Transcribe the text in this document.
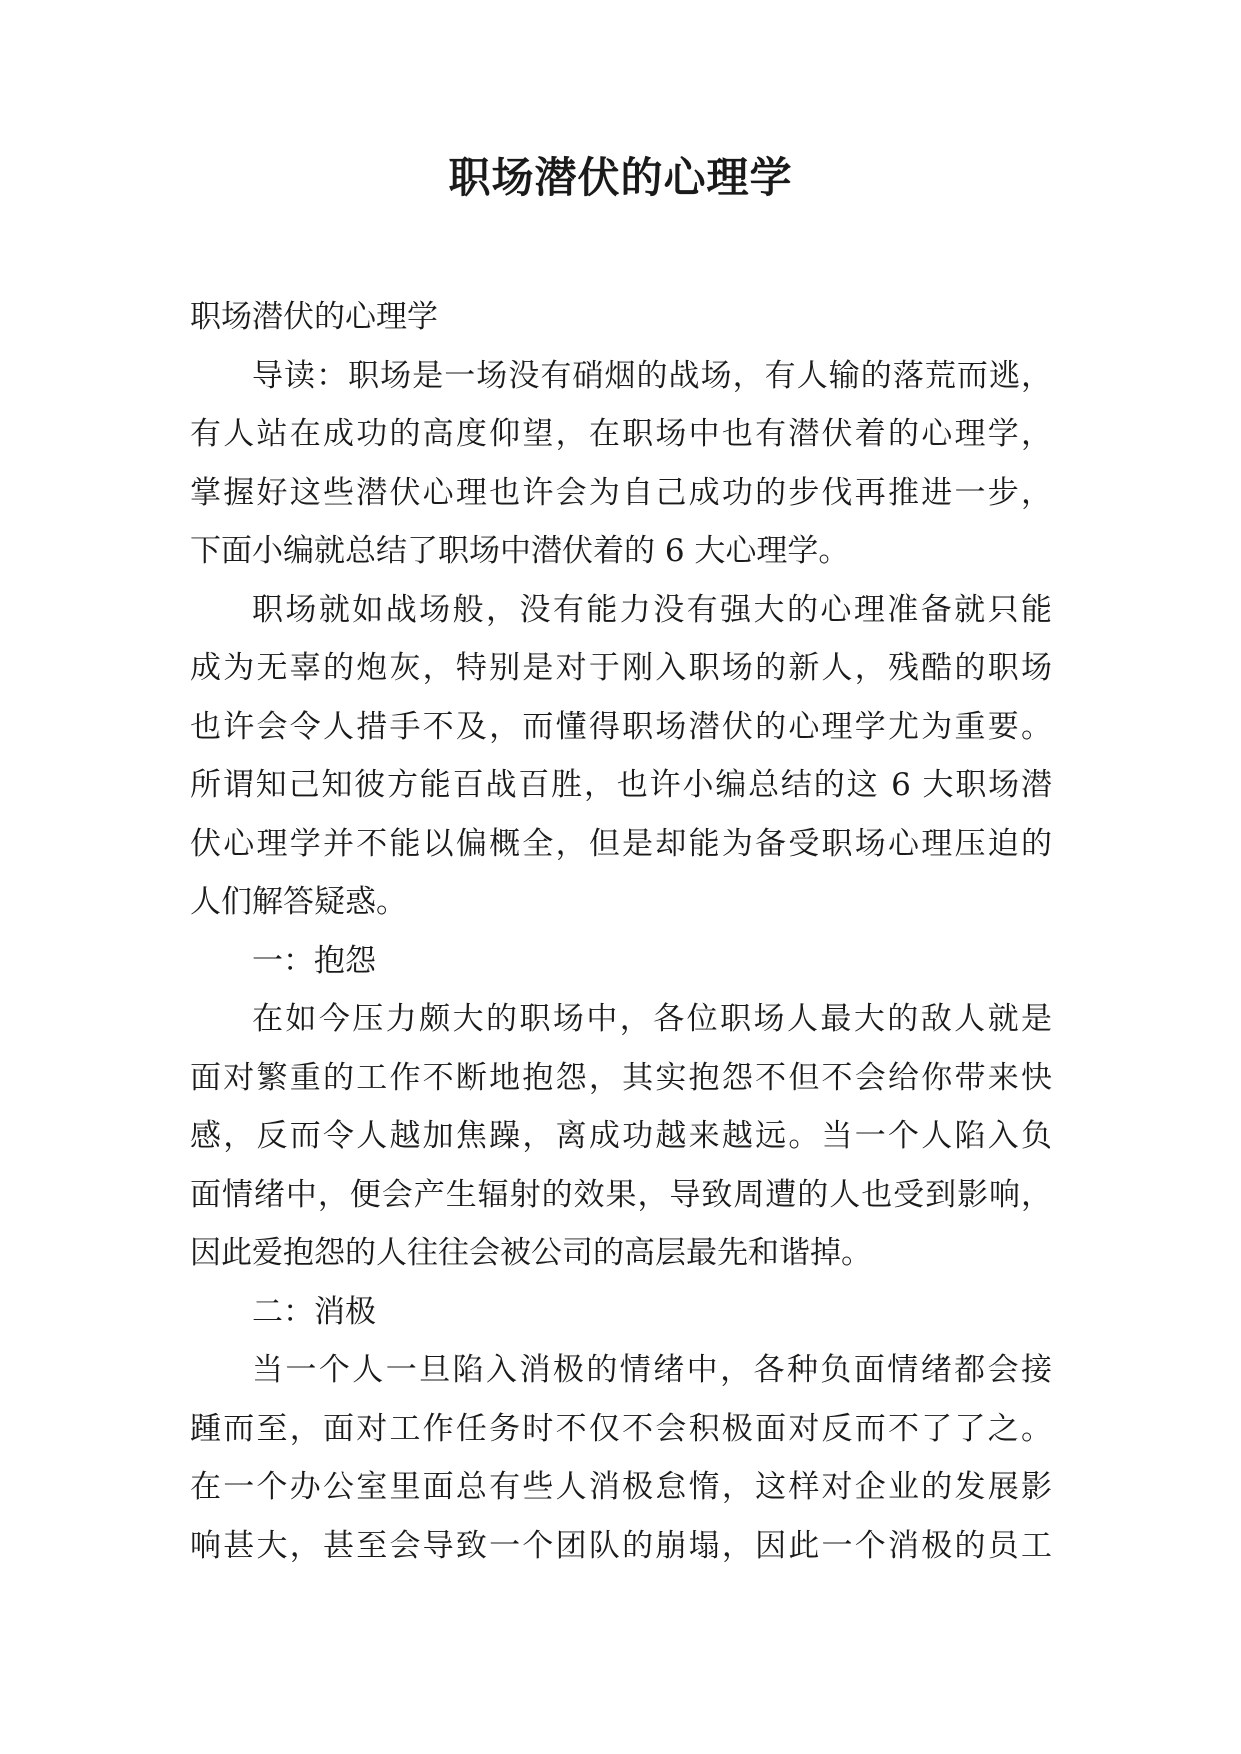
职场潜伏的心理学
职场潜伏的心理学
导读：职场是一场没有硝烟的战场，有人输的落荒而逃，
有人站在成功的高度仰望，在职场中也有潜伏着的心理学，
掌握好这些潜伏心理也许会为自己成功的步伐再推进一步，
下面小编就总结了职场中潜伏着的 6 大心理学。
职场就如战场般，没有能力没有强大的心理准备就只能
成为无辜的炮灰，特别是对于刚入职场的新人，残酷的职场
也许会令人措手不及，而懂得职场潜伏的心理学尤为重要。
所谓知己知彼方能百战百胜，也许小编总结的这 6 大职场潜
伏心理学并不能以偏概全，但是却能为备受职场心理压迫的
人们解答疑惑。
一：抱怨
在如今压力颇大的职场中，各位职场人最大的敌人就是
面对繁重的工作不断地抱怨，其实抱怨不但不会给你带来快
感，反而令人越加焦躁，离成功越来越远。当一个人陷入负
面情绪中，便会产生辐射的效果，导致周遭的人也受到影响，
因此爱抱怨的人往往会被公司的高层最先和谐掉。
二：消极
当一个人一旦陷入消极的情绪中，各种负面情绪都会接
踵而至，面对工作任务时不仅不会积极面对反而不了了之。
在一个办公室里面总有些人消极怠惰，这样对企业的发展影
响甚大，甚至会导致一个团队的崩塌，因此一个消极的员工
